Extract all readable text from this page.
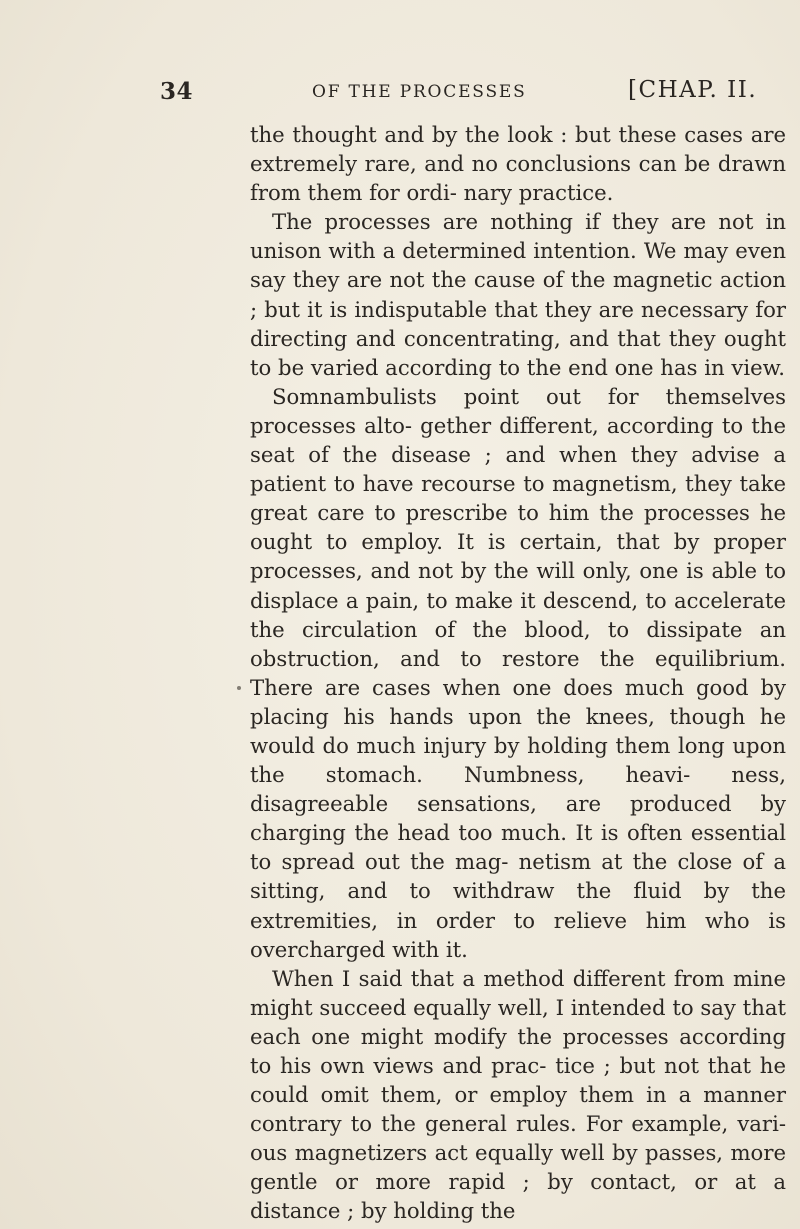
34	OF THE PROCESSES	[CHAP. II.

the thought and by the look : but these cases are extremely rare, and no conclusions can be drawn from them for ordi- nary practice.

The processes are nothing if they are not in unison with a determined intention. We may even say they are not the cause of the magnetic action ; but it is indisputable that they are necessary for directing and concentrating, and that they ought to be varied according to the end one has in view.

Somnambulists point out for themselves processes alto- gether different, according to the seat of the disease ; and when they advise a patient to have recourse to magnetism, they take great care to prescribe to him the processes he ought to employ. It is certain, that by proper processes, and not by the will only, one is able to displace a pain, to make it descend, to accelerate the circulation of the blood, to dissipate an obstruction, and to restore the equilibrium. There are cases when one does much good by placing his hands upon the knees, though he would do much injury by holding them long upon the stomach. Numbness, heavi- ness, disagreeable sensations, are produced by charging the head too much. It is often essential to spread out the mag- netism at the close of a sitting, and to withdraw the fluid by the extremities, in order to relieve him who is overcharged with it.

When I said that a method different from mine might succeed equally well, I intended to say that each one might modify the processes according to his own views and prac- tice ; but not that he could omit them, or employ them in a manner contrary to the general rules. For example, vari- ous magnetizers act equally well by passes, more gentle or more rapid ; by contact, or at a distance ; by holding the
